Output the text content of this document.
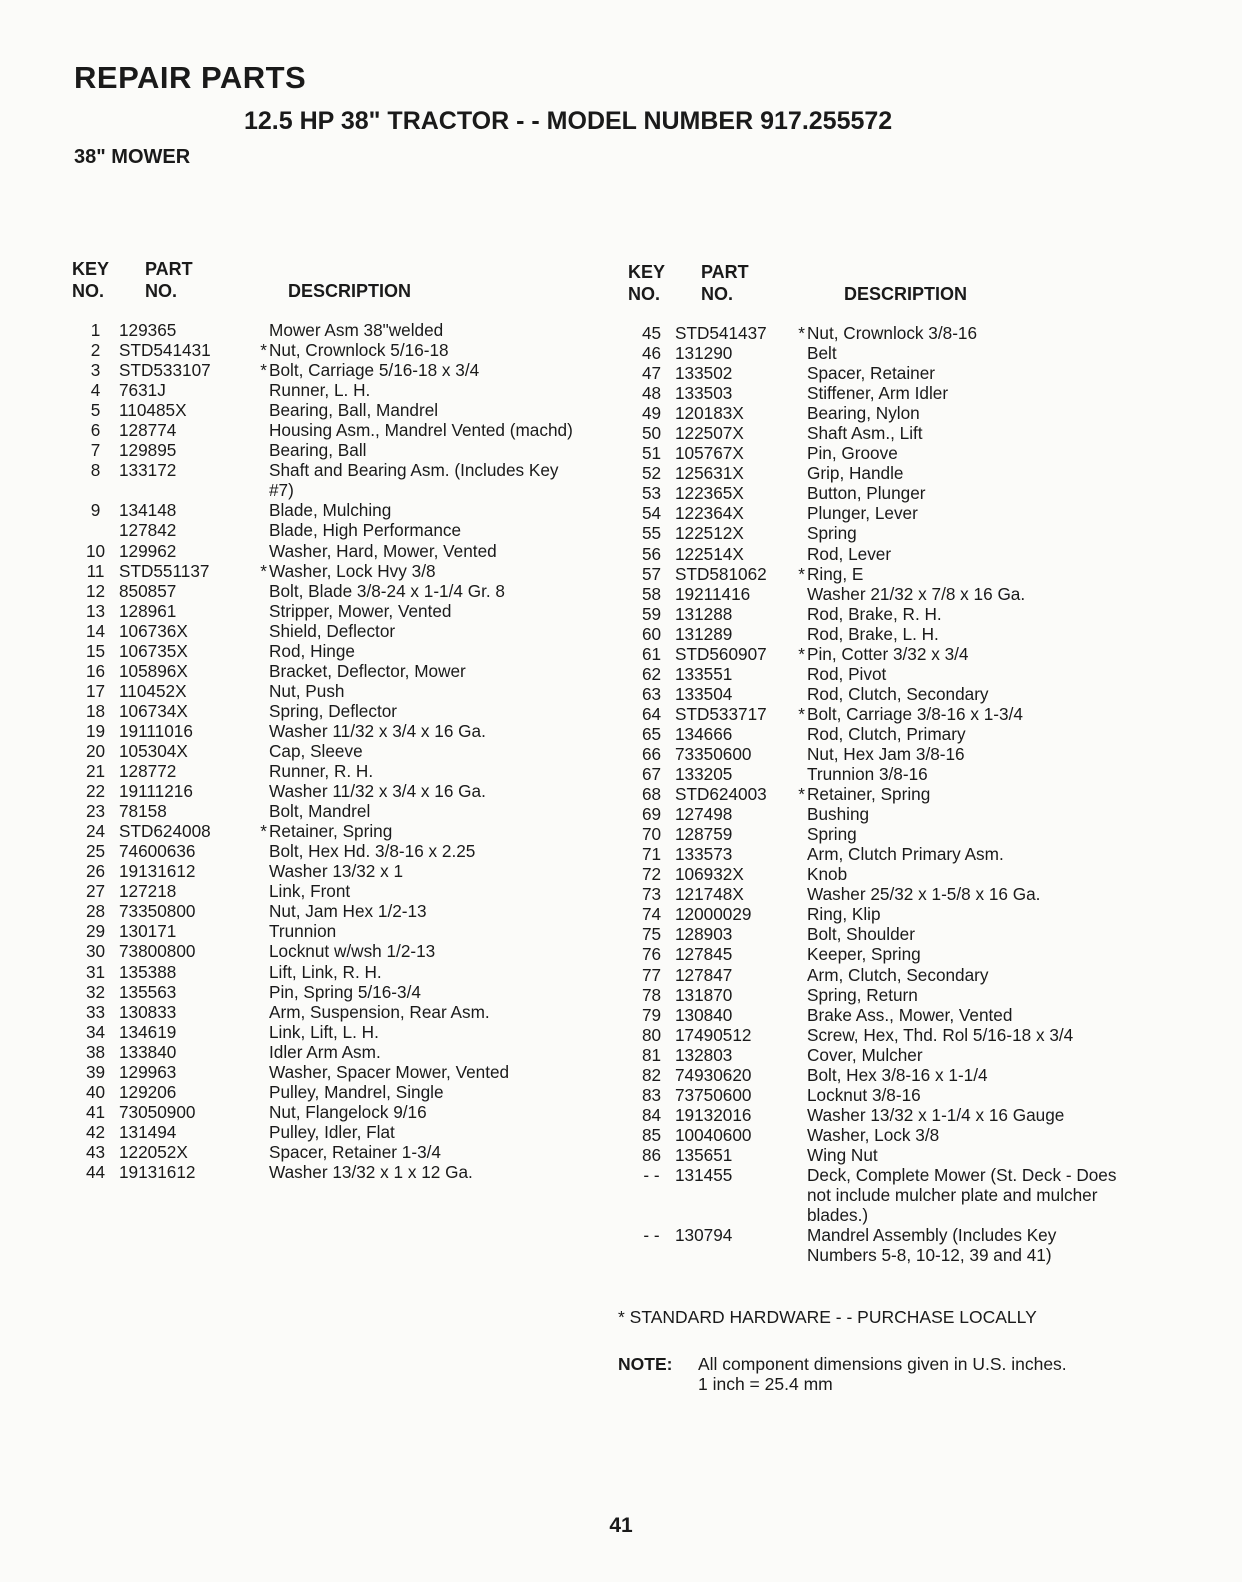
REPAIR PARTS
12.5 HP 38" TRACTOR - - MODEL NUMBER 917.255572
38" MOWER
KEY
NO.
PART
NO.	DESCRIPTION
1	129365	Mower Asm 38"welded
2	STD541431	* Nut, Crownlock 5/16-18
3	STD533107	* Bolt, Carriage 5/16-18 x 3/4
4	7631J	Runner, L. H.
5	110485X	Bearing, Ball, Mandrel
6	128774	Housing Asm., Mandrel Vented (machd)
7	129895	Bearing, Ball
8	133172	Shaft and Bearing Asm. (Includes Key #7)
9	134148	Blade, Mulching
127842	Blade, High Performance
10 129962	Washer, Hard, Mower, Vented
11 STD551137	* Washer, Lock Hvy 3/8
12 850857	Bolt, Blade 3/8-24 x 1-1/4 Gr. 8
13 128961	Stripper, Mower, Vented
14 106736X	Shield, Deflector
15 106735X	Rod, Hinge
16 105896X	Bracket, Deflector, Mower
17 110452X	Nut, Push
18 106734X	Spring, Deflector
19 19111016	Washer 11/32 x 3/4 x 16 Ga.
20 105304X	Cap, Sleeve
21 128772	Runner, R. H.
22 19111216	Washer 11/32 x 3/4 x 16 Ga.
23 78158	Bolt, Mandrel
24 STD624008	* Retainer, Spring
25 74600636	Bolt, Hex Hd. 3/8-16 x 2.25
26 19131612	Washer 13/32 x 1
27 127218	Link, Front
28 73350800	Nut, Jam Hex 1/2-13
29 130171	Trunnion
30 73800800	Locknut w/wsh 1/2-13
31 135388	Lift, Link, R. H.
32 135563	Pin, Spring 5/16-3/4
33 130833	Arm, Suspension, Rear Asm.
34 134619	Link, Lift, L. H.
38 133840	Idler Arm Asm.
39 129963	Washer, Spacer Mower, Vented
40 129206	Pulley, Mandrel, Single
41 73050900	Nut, Flangelock 9/16
42 131494	Pulley, Idler, Flat
43 122052X	Spacer, Retainer 1-3/4
44 19131612	Washer 13/32 x 1 x 12 Ga.
KEY
NO.
PART
NO.	DESCRIPTION
45 STD541437	* Nut, Crownlock 3/8-16
46 131290	Belt
47 133502	Spacer, Retainer
48 133503	Stiffener, Arm Idler
49 120183X	Bearing, Nylon
50 122507X	Shaft Asm., Lift
51 105767X	Pin, Groove
52 125631X	Grip, Handle
53 122365X	Button, Plunger
54 122364X	Plunger, Lever
55 122512X	Spring
56 122514X	Rod, Lever
57 STD581062	* Ring, E
58 19211416	Washer 21/32 x 7/8 x 16 Ga.
59 131288	Rod, Brake, R. H.
60 131289	Rod, Brake, L. H.
61 STD560907	* Pin, Cotter 3/32 x 3/4
62 133551	Rod, Pivot
63 133504	Rod, Clutch, Secondary
64 STD533717	* Bolt, Carriage 3/8-16 x 1-3/4
65 134666	Rod, Clutch, Primary
66 73350600	Nut, Hex Jam 3/8-16
67 133205	Trunnion 3/8-16
68 STD624003	* Retainer, Spring
69 127498	Bushing
70 128759	Spring
71 133573	Arm, Clutch Primary Asm.
72 106932X	Knob
73 121748X	Washer 25/32 x 1-5/8 x 16 Ga.
74 12000029	Ring, Klip
75 128903	Bolt, Shoulder
76 127845	Keeper, Spring
77 127847	Arm, Clutch, Secondary
78 131870	Spring, Return
79 130840	Brake Ass., Mower, Vented
80 17490512	Screw, Hex, Thd. Rol 5/16-18 x 3/4
81 132803	Cover, Mulcher
82 74930620	Bolt, Hex 3/8-16 x 1-1/4
83 73750600	Locknut 3/8-16
84 19132016	Washer 13/32 x 1-1/4 x 16 Gauge
85 10040600	Washer, Lock 3/8
86 135651	Wing Nut
- - 131455	Deck, Complete Mower (St. Deck - Does not include mulcher plate and mulcher blades.)
- - 130794	Mandrel Assembly (Includes Key Numbers 5-8, 10-12, 39 and 41)
* STANDARD HARDWARE - - PURCHASE LOCALLY
NOTE:	All component dimensions given in U.S. inches.
1 inch = 25.4 mm
41
